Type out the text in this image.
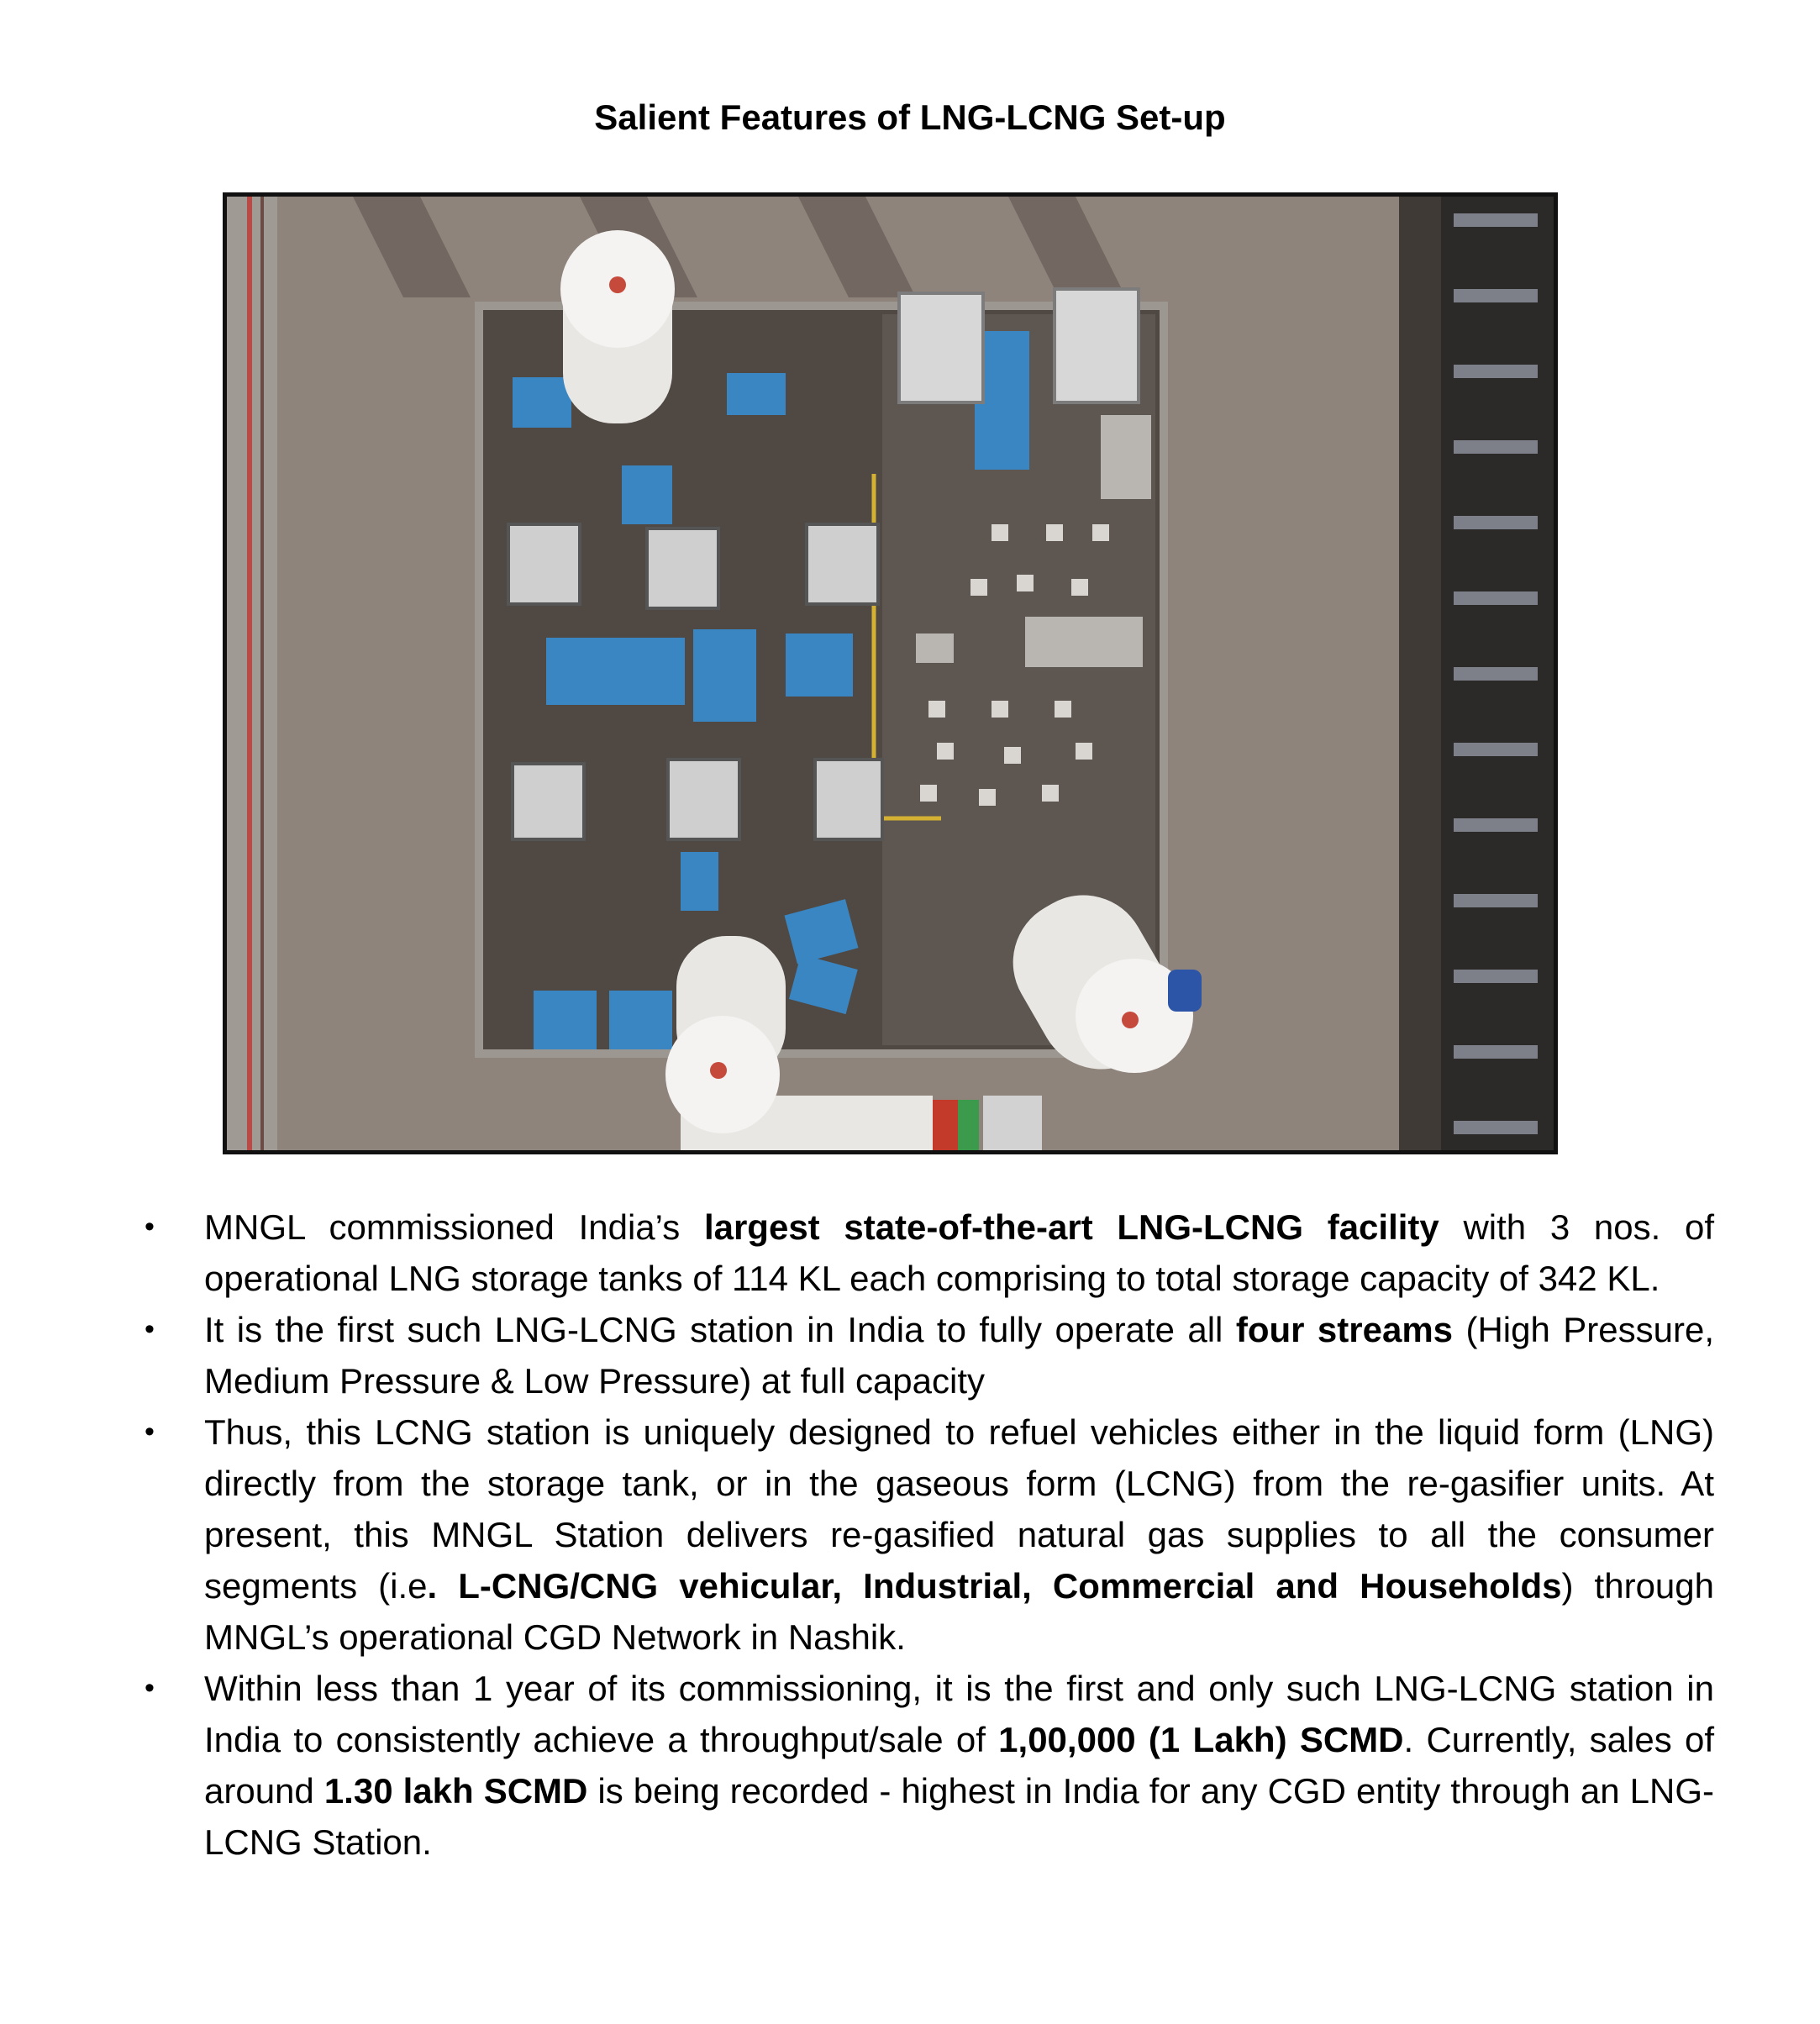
Salient Features of LNG-LCNG Set-up
• MNGL commissioned India’s largest state-of-the-art LNG-LCNG facility with 3 nos. of operational LNG storage tanks of 114 KL each comprising to total storage capacity of 342 KL.
• It is the first such LNG-LCNG station in India to fully operate all four streams (High Pressure, Medium Pressure & Low Pressure) at full capacity
• Thus, this LCNG station is uniquely designed to refuel vehicles either in the liquid form (LNG) directly from the storage tank, or in the gaseous form (LCNG) from the re-gasifier units. At present, this MNGL Station delivers re-gasified natural gas supplies to all the consumer segments (i.e. L-CNG/CNG vehicular, Industrial, Commercial and Households) through MNGL’s operational CGD Network in Nashik.
• Within less than 1 year of its commissioning, it is the first and only such LNG-LCNG station in India to consistently achieve a throughput/sale of 1,00,000 (1 Lakh) SCMD. Currently, sales of around 1.30 lakh SCMD is being recorded - highest in India for any CGD entity through an LNG-LCNG Station.
